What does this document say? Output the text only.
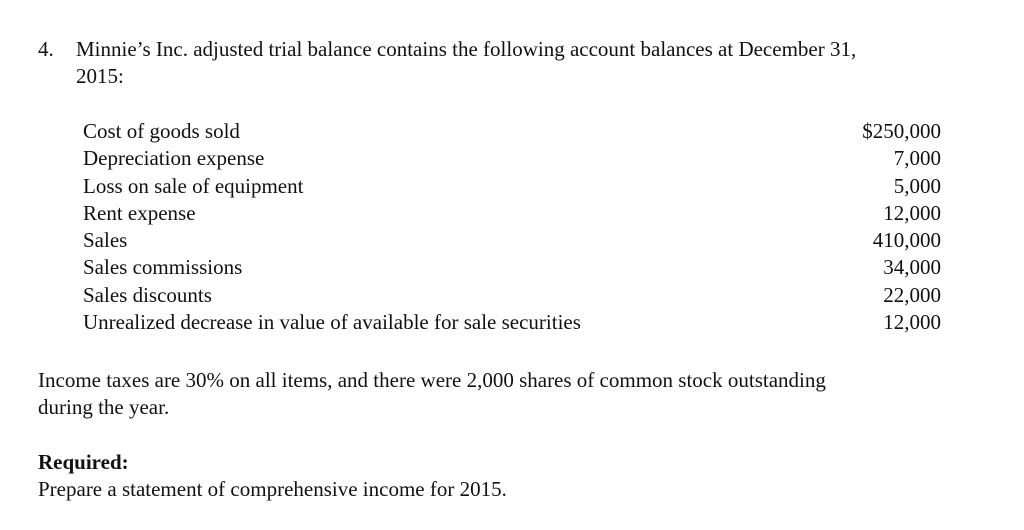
4. Minnie’s Inc. adjusted trial balance contains the following account balances at December 31,
2015:
Cost of goods sold	$250,000
Depreciation expense	7,000
Loss on sale of equipment	5,000
Rent expense	12,000
Sales	410,000
Sales commissions	34,000
Sales discounts	22,000
Unrealized decrease in value of available for sale securities	12,000
Income taxes are 30% on all items, and there were 2,000 shares of common stock outstanding
during the year.
Required:
Prepare a statement of comprehensive income for 2015.
